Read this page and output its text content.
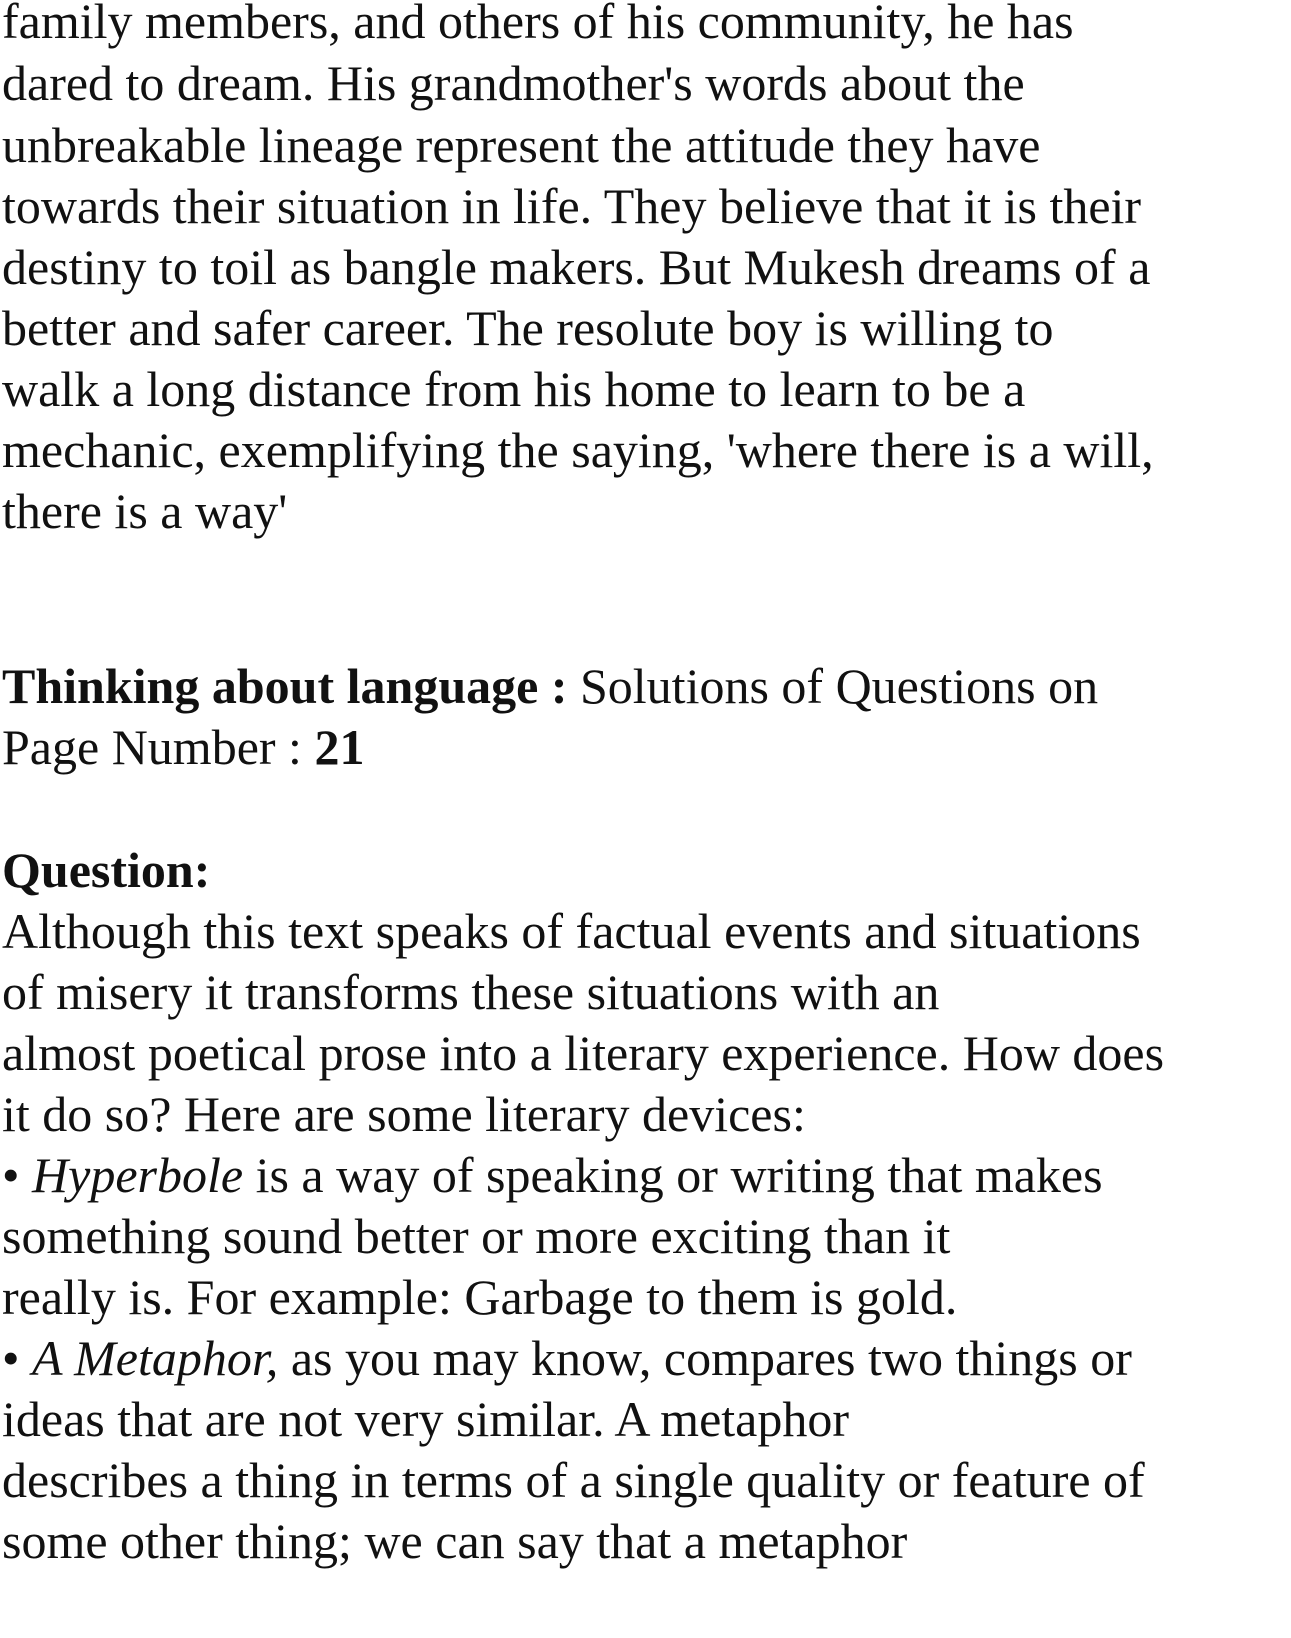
family members, and others of his community, he has
dared to dream. His grandmother's words about the
unbreakable lineage represent the attitude they have
towards their situation in life. They believe that it is their
destiny to toil as bangle makers. But Mukesh dreams of a
better and safer career. The resolute boy is willing to
walk a long distance from his home to learn to be a
mechanic, exemplifying the saying, 'where there is a will,
there is a way'
Thinking about language : Solutions of Questions on
Page Number : 21
Question:
Although this text speaks of factual events and situations
of misery it transforms these situations with an
almost poetical prose into a literary experience. How does
it do so? Here are some literary devices:
• Hyperbole is a way of speaking or writing that makes
something sound better or more exciting than it
really is. For example: Garbage to them is gold.
• A Metaphor, as you may know, compares two things or
ideas that are not very similar. A metaphor
describes a thing in terms of a single quality or feature of
some other thing; we can say that a metaphor
